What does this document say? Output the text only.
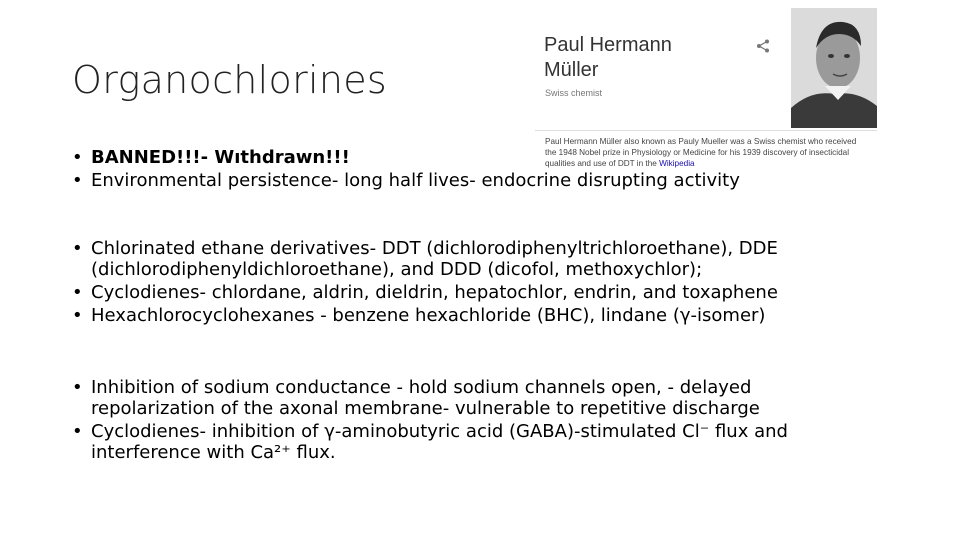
Organochlorines
Paul Hermann Müller
Swiss chemist
Paul Hermann Müller also known as Pauly Mueller was a Swiss chemist who received the 1948 Nobel prize in Physiology or Medicine for his 1939 discovery of insecticidal qualities and use of DDT in the Wikipedia
• BANNED!!!- Wıthdrawn!!!
• Environmental persistence- long half lives- endocrine disrupting activity
• Chlorinated ethane derivatives- DDT (dichlorodiphenyltrichloroethane), DDE (dichlorodiphenyldichloroethane), and DDD (dicofol, methoxychlor);
• Cyclodienes- chlordane, aldrin, dieldrin, hepatochlor, endrin, and toxaphene
• Hexachlorocyclohexanes - benzene hexachloride (BHC), lindane (γ-isomer)
• Inhibition of sodium conductance - hold sodium channels open, - delayed repolarization of the axonal membrane- vulnerable to repetitive discharge
• Cyclodienes- inhibition of γ-aminobutyric acid (GABA)-stimulated Cl⁻ flux and interference with Ca²⁺ flux.
